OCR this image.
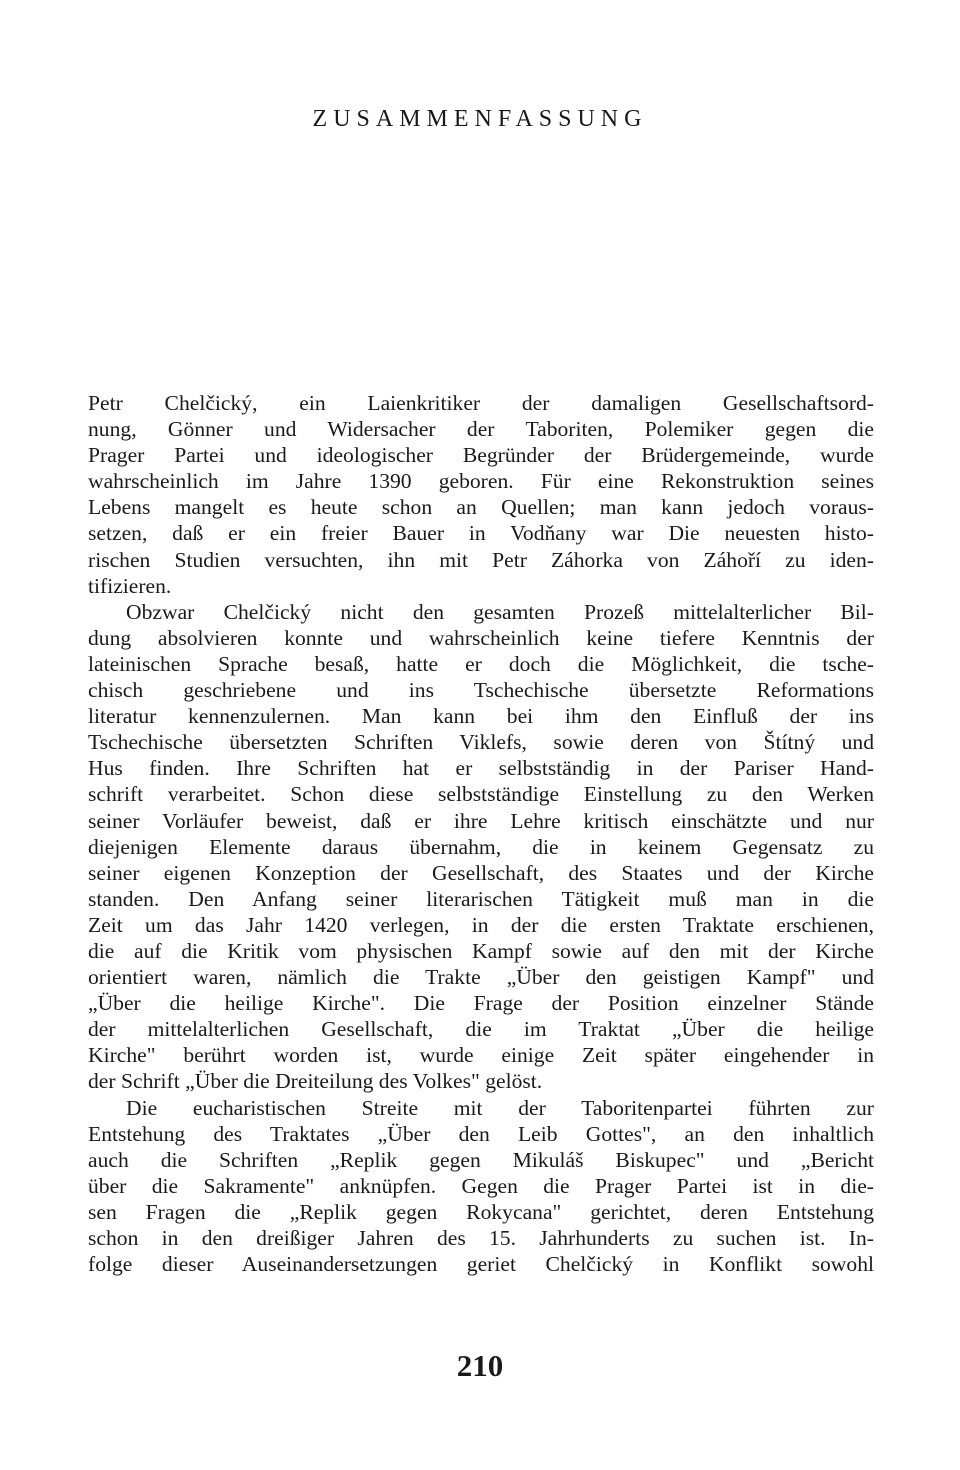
ZUSAMMENFASSUNG
Petr Chelčický, ein Laienkritiker der damaligen Gesellschaftsord-
nung, Gönner und Widersacher der Taboriten, Polemiker gegen die
Prager Partei und ideologischer Begründer der Brüdergemeinde, wurde
wahrscheinlich im Jahre 1390 geboren. Für eine Rekonstruktion seines
Lebens mangelt es heute schon an Quellen; man kann jedoch voraus-
setzen, daß er ein freier Bauer in Vodňany war Die neuesten histo-
rischen Studien versuchten, ihn mit Petr Záhorka von Záhoří zu iden-
tifizieren.
Obzwar Chelčický nicht den gesamten Prozeß mittelalterlicher Bil-
dung absolvieren konnte und wahrscheinlich keine tiefere Kenntnis der
lateinischen Sprache besaß, hatte er doch die Möglichkeit, die tsche-
chisch geschriebene und ins Tschechische übersetzte Reformations
literatur kennenzulernen. Man kann bei ihm den Einfluß der ins
Tschechische übersetzten Schriften Viklefs, sowie deren von Štítný und
Hus finden. Ihre Schriften hat er selbstständig in der Pariser Hand-
schrift verarbeitet. Schon diese selbstständige Einstellung zu den Werken
seiner Vorläufer beweist, daß er ihre Lehre kritisch einschätzte und nur
diejenigen Elemente daraus übernahm, die in keinem Gegensatz zu
seiner eigenen Konzeption der Gesellschaft, des Staates und der Kirche
standen. Den Anfang seiner literarischen Tätigkeit muß man in die
Zeit um das Jahr 1420 verlegen, in der die ersten Traktate erschienen,
die auf die Kritik vom physischen Kampf sowie auf den mit der Kirche
orientiert waren, nämlich die Trakte „Über den geistigen Kampf" und
„Über die heilige Kirche". Die Frage der Position einzelner Stände
der mittelalterlichen Gesellschaft, die im Traktat „Über die heilige
Kirche" berührt worden ist, wurde einige Zeit später eingehender in
der Schrift „Über die Dreiteilung des Volkes" gelöst.
Die eucharistischen Streite mit der Taboritenpartei führten zur
Entstehung des Traktates „Über den Leib Gottes", an den inhaltlich
auch die Schriften „Replik gegen Mikuláš Biskupec" und „Bericht
über die Sakramente" anknüpfen. Gegen die Prager Partei ist in die-
sen Fragen die „Replik gegen Rokycana" gerichtet, deren Entstehung
schon in den dreißiger Jahren des 15. Jahrhunderts zu suchen ist. In-
folge dieser Auseinandersetzungen geriet Chelčický in Konflikt sowohl
210
